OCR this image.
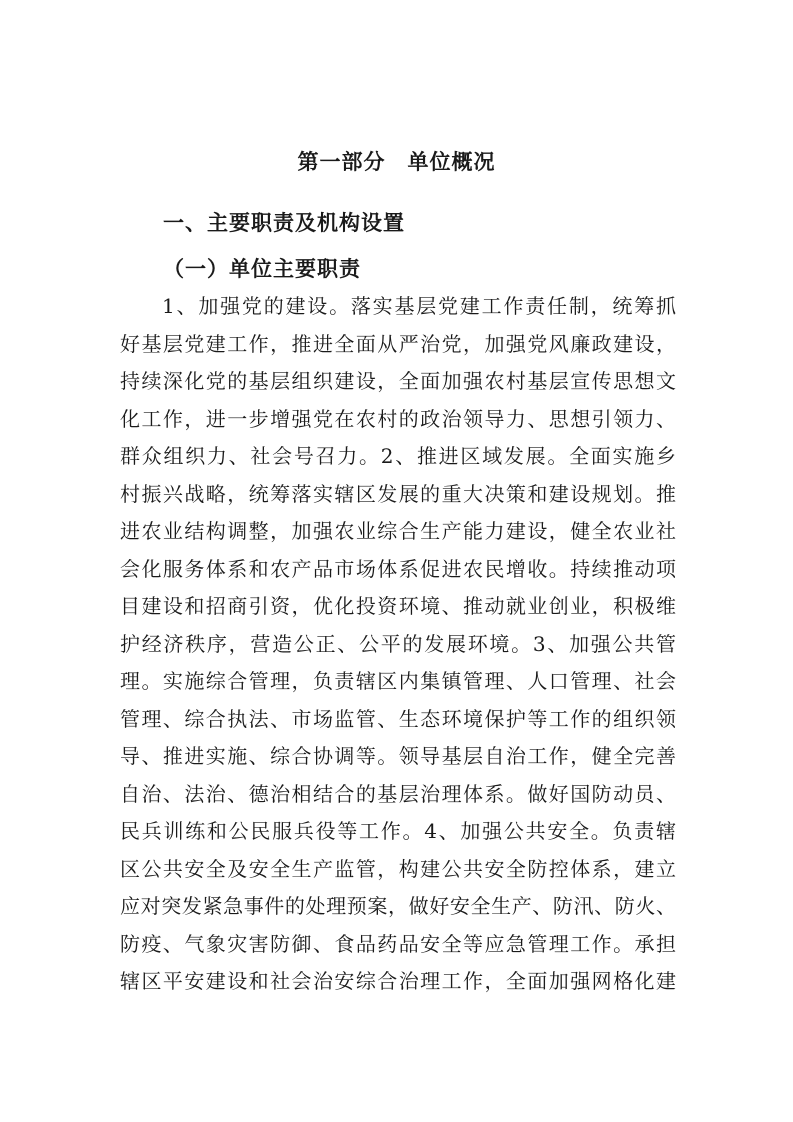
第一部分　单位概况
一、主要职责及机构设置
（一）单位主要职责
1、加强党的建设。落实基层党建工作责任制，统筹抓
好基层党建工作，推进全面从严治党，加强党风廉政建设，
持续深化党的基层组织建设，全面加强农村基层宣传思想文
化工作，进一步增强党在农村的政治领导力、思想引领力、
群众组织力、社会号召力。2、推进区域发展。全面实施乡
村振兴战略，统筹落实辖区发展的重大决策和建设规划。推
进农业结构调整，加强农业综合生产能力建设，健全农业社
会化服务体系和农产品市场体系促进农民增收。持续推动项
目建设和招商引资，优化投资环境、推动就业创业，积极维
护经济秩序，营造公正、公平的发展环境。3、加强公共管
理。实施综合管理，负责辖区内集镇管理、人口管理、社会
管理、综合执法、市场监管、生态环境保护等工作的组织领
导、推进实施、综合协调等。领导基层自治工作，健全完善
自治、法治、德治相结合的基层治理体系。做好国防动员、
民兵训练和公民服兵役等工作。4、加强公共安全。负责辖
区公共安全及安全生产监管，构建公共安全防控体系，建立
应对突发紧急事件的处理预案，做好安全生产、防汛、防火、
防疫、气象灾害防御、食品药品安全等应急管理工作。承担
辖区平安建设和社会治安综合治理工作，全面加强网格化建
